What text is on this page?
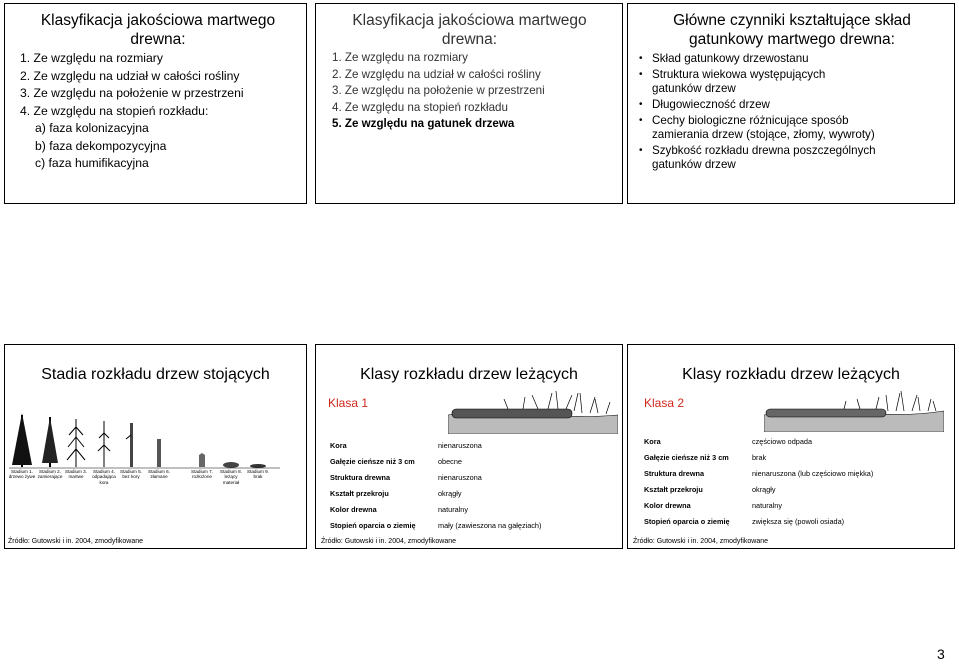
Klasyfikacja jakościowa martwego drewna:
1. Ze względu na rozmiary
2. Ze względu na udział w całości rośliny
3. Ze względu na położenie w przestrzeni
4. Ze względu na stopień rozkładu:
a) faza kolonizacyjna
b) faza dekompozycyjna
c) faza humifikacyjna
Klasyfikacja jakościowa martwego drewna:
1. Ze względu na rozmiary
2. Ze względu na udział w całości rośliny
3. Ze względu na położenie w przestrzeni
4. Ze względu na stopień rozkładu
5. Ze względu na gatunek drzewa
Główne czynniki kształtujące skład gatunkowy martwego drewna:
• Skład gatunkowy drzewostanu
• Struktura wiekowa występujących gatunków drzew
• Długowieczność drzew
• Cechy biologiczne różnicujące sposób zamierania drzew (stojące, złomy, wywroty)
• Szybkość rozkładu drewna poszczególnych gatunków drzew
Stadia rozkładu drzew stojących
Stadium 1. drzewo żywe
Stadium 2. zamierające
Stadium 3. martwe
Stadium 4. odpadająca kora
Stadium 5. bez kory
Stadium 6. złamane
Stadium 7. rozłożone
Stadium 8. leżący materiał
Stadium 9. brak
Źródło: Gutowski i in. 2004, zmodyfikowane
Klasy rozkładu drzew leżących
Klasa 1
Kora
Gałęzie cieńsze niż 3 cm
Struktura drewna
Kształt przekroju
Kolor drewna
Stopień oparcia o ziemię
nienaruszona
obecne
nienaruszona
okrągły
naturalny
mały (zawieszona na gałęziach)
Źródło: Gutowski i in. 2004, zmodyfikowane
Klasy rozkładu drzew leżących
Klasa 2
Kora
Gałęzie cieńsze niż 3 cm
Struktura drewna
Kształt przekroju
Kolor drewna
Stopień oparcia o ziemię
częściowo odpada
brak
nienaruszona (lub częściowo miękka)
okrągły
naturalny
zwiększa się (powoli osiada)
Źródło: Gutowski i in. 2004, zmodyfikowane
3
